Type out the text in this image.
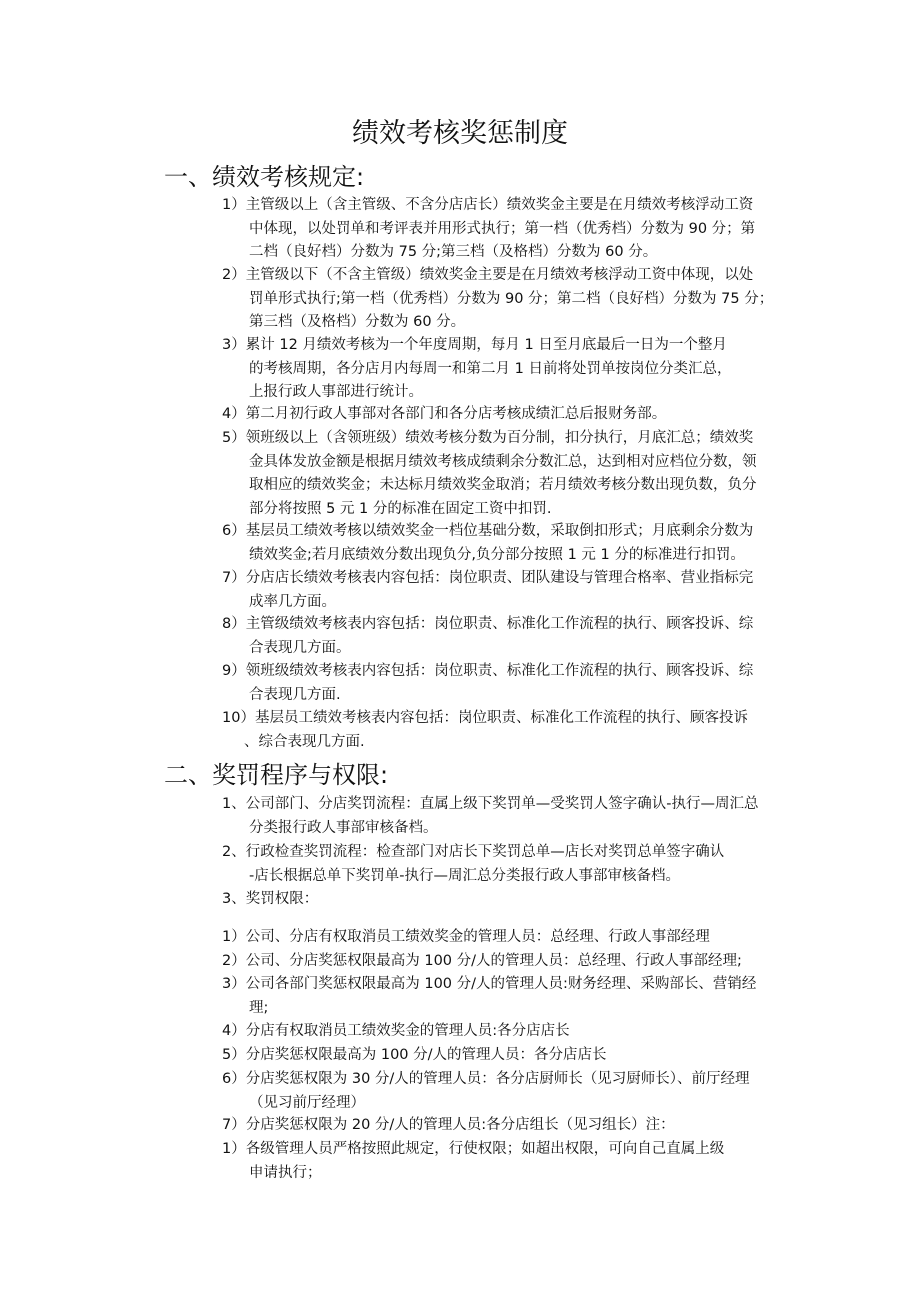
绩效考核奖惩制度
一、绩效考核规定:
1）主管级以上（含主管级、不含分店店长）绩效奖金主要是在月绩效考核浮动工资
中体现，以处罚单和考评表并用形式执行；第一档（优秀档）分数为 90 分；第
二档（良好档）分数为 75 分;第三档（及格档）分数为 60 分。
2）主管级以下（不含主管级）绩效奖金主要是在月绩效考核浮动工资中体现，以处
罚单形式执行;第一档（优秀档）分数为 90 分；第二档（良好档）分数为 75 分；
第三档（及格档）分数为 60 分。
3）累计 12 月绩效考核为一个年度周期，每月 1 日至月底最后一日为一个整月
的考核周期，各分店月内每周一和第二月 1 日前将处罚单按岗位分类汇总，
上报行政人事部进行统计。
4）第二月初行政人事部对各部门和各分店考核成绩汇总后报财务部。
5）领班级以上（含领班级）绩效考核分数为百分制，扣分执行，月底汇总；绩效奖
金具体发放金额是根据月绩效考核成绩剩余分数汇总，达到相对应档位分数，领
取相应的绩效奖金；未达标月绩效奖金取消；若月绩效考核分数出现负数，负分
部分将按照 5 元 1 分的标准在固定工资中扣罚.
6）基层员工绩效考核以绩效奖金一档位基础分数，采取倒扣形式；月底剩余分数为
绩效奖金;若月底绩效分数出现负分,负分部分按照 1 元 1 分的标准进行扣罚。
7）分店店长绩效考核表内容包括：岗位职责、团队建设与管理合格率、营业指标完
成率几方面。
8）主管级绩效考核表内容包括：岗位职责、标准化工作流程的执行、顾客投诉、综
合表现几方面。
9）领班级绩效考核表内容包括：岗位职责、标准化工作流程的执行、顾客投诉、综
合表现几方面.
10）基层员工绩效考核表内容包括：岗位职责、标准化工作流程的执行、顾客投诉
、综合表现几方面.
二、奖罚程序与权限:
1、公司部门、分店奖罚流程：直属上级下奖罚单—受奖罚人签字确认-执行—周汇总
分类报行政人事部审核备档。
2、行政检查奖罚流程：检查部门对店长下奖罚总单—店长对奖罚总单签字确认
-店长根据总单下奖罚单-执行—周汇总分类报行政人事部审核备档。
3、奖罚权限：
1）公司、分店有权取消员工绩效奖金的管理人员：总经理、行政人事部经理
2）公司、分店奖惩权限最高为 100 分/人的管理人员：总经理、行政人事部经理;
3）公司各部门奖惩权限最高为 100 分/人的管理人员:财务经理、采购部长、营销经
理;
4）分店有权取消员工绩效奖金的管理人员:各分店店长
5）分店奖惩权限最高为 100 分/人的管理人员：各分店店长
6）分店奖惩权限为 30 分/人的管理人员：各分店厨师长（见习厨师长）、前厅经理
（见习前厅经理）
7）分店奖惩权限为 20 分/人的管理人员:各分店组长（见习组长）注：
1）各级管理人员严格按照此规定，行使权限；如超出权限，可向自己直属上级
申请执行；
